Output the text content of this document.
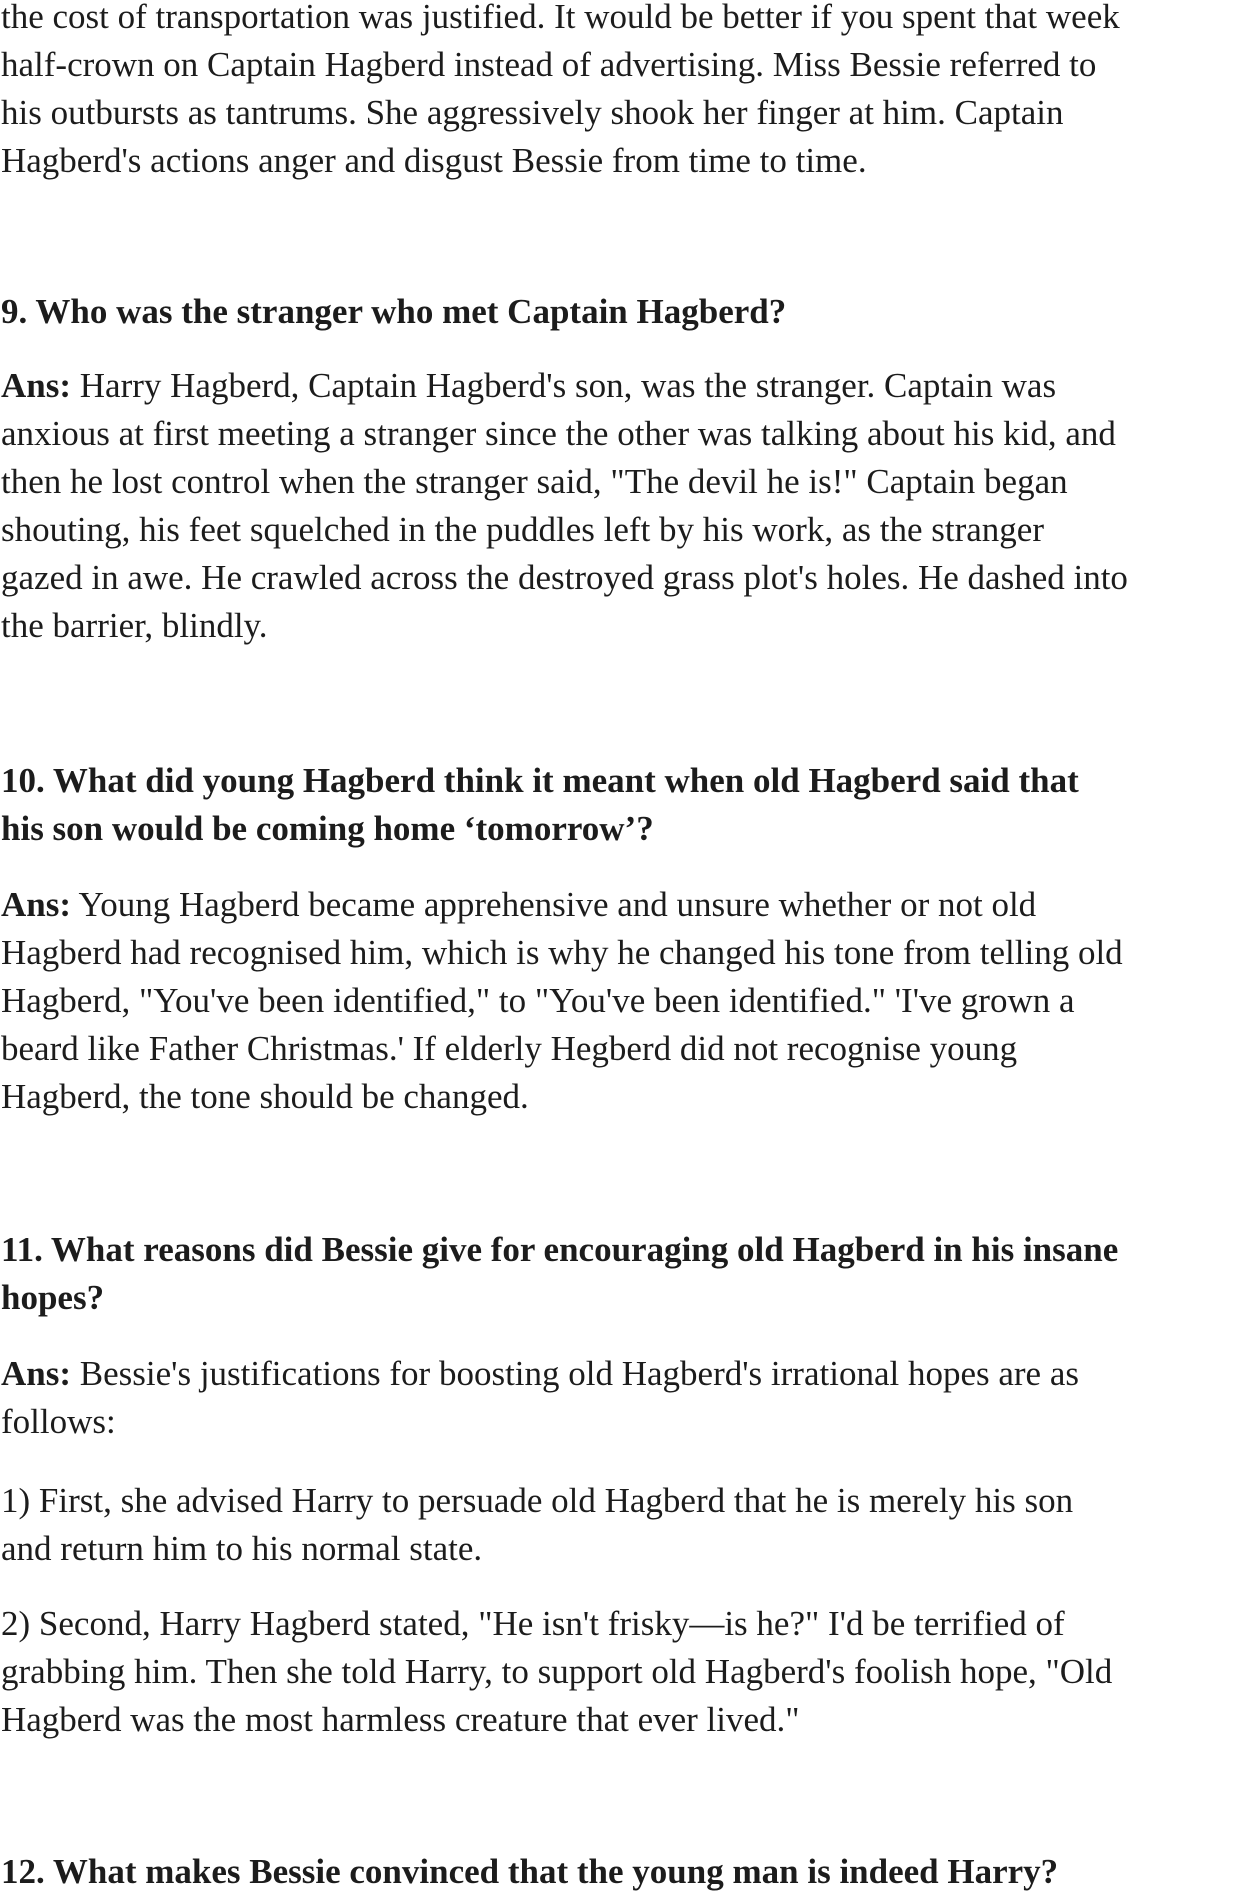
the cost of transportation was justified. It would be better if you spent that week
half-crown on Captain Hagberd instead of advertising. Miss Bessie referred to
his outbursts as tantrums. She aggressively shook her finger at him. Captain
Hagberd's actions anger and disgust Bessie from time to time.

9. Who was the stranger who met Captain Hagberd?

Ans: Harry Hagberd, Captain Hagberd's son, was the stranger. Captain was
anxious at first meeting a stranger since the other was talking about his kid, and
then he lost control when the stranger said, "The devil he is!" Captain began
shouting, his feet squelched in the puddles left by his work, as the stranger
gazed in awe. He crawled across the destroyed grass plot's holes. He dashed into
the barrier, blindly.

10. What did young Hagberd think it meant when old Hagberd said that
his son would be coming home ‘tomorrow’?

Ans: Young Hagberd became apprehensive and unsure whether or not old
Hagberd had recognised him, which is why he changed his tone from telling old
Hagberd, "You've been identified," to "You've been identified." 'I've grown a
beard like Father Christmas.' If elderly Hegberd did not recognise young
Hagberd, the tone should be changed.

11. What reasons did Bessie give for encouraging old Hagberd in his insane
hopes?

Ans: Bessie's justifications for boosting old Hagberd's irrational hopes are as
follows:

1) First, she advised Harry to persuade old Hagberd that he is merely his son
and return him to his normal state.

2) Second, Harry Hagberd stated, "He isn't frisky—is he?" I'd be terrified of
grabbing him. Then she told Harry, to support old Hagberd's foolish hope, "Old
Hagberd was the most harmless creature that ever lived."

12. What makes Bessie convinced that the young man is indeed Harry?
